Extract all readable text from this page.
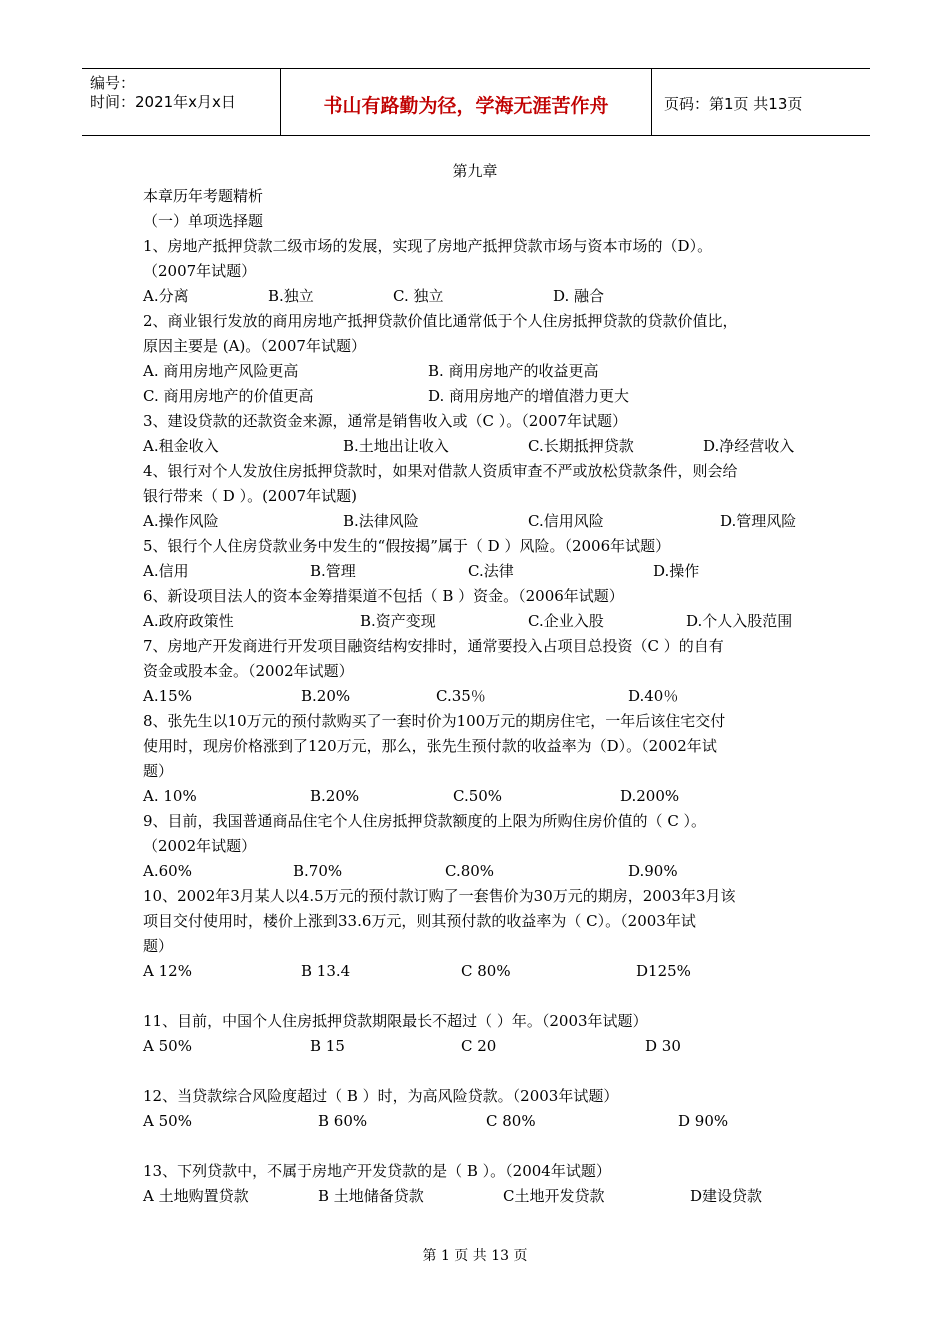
编号：
时间：2021年x月x日	书山有路勤为径，学海无涯苦作舟	页码：第1页 共13页
第九章
本章历年考题精析
（一）单项选择题
1、房地产抵押贷款二级市场的发展，实现了房地产抵押贷款市场与资本市场的（D）。
（2007年试题）
A.分离	B.独立	C. 独立	D. 融合
2、商业银行发放的商用房地产抵押贷款价值比通常低于个人住房抵押贷款的贷款价值比，
原因主要是 (A)。（2007年试题）
A. 商用房地产风险更高	B. 商用房地产的收益更高
C. 商用房地产的价值更高	D. 商用房地产的增值潜力更大
3、建设贷款的还款资金来源，通常是销售收入或（C ）。（2007年试题）
A.租金收入	B.土地出让收入	C.长期抵押贷款	D.净经营收入
4、银行对个人发放住房抵押贷款时，如果对借款人资质审查不严或放松贷款条件，则会给
银行带来（ D ）。(2007年试题)
A.操作风险	B.法律风险	C.信用风险	D.管理风险
5、银行个人住房贷款业务中发生的“假按揭”属于（ D ）风险。（2006年试题）
A.信用	B.管理	C.法律	D.操作
6、新设项目法人的资本金筹措渠道不包括（ B ）资金。（2006年试题）
A.政府政策性	B.资产变现	C.企业入股	D.个人入股范围
7、房地产开发商进行开发项目融资结构安排时，通常要投入占项目总投资（C ）的自有
资金或股本金。（2002年试题）
A.15%	B.20%	C.35％	D.40％
8、张先生以10万元的预付款购买了一套时价为100万元的期房住宅，一年后该住宅交付
使用时，现房价格涨到了120万元，那么，张先生预付款的收益率为（D）。（2002年试
题）
A. 10%	B.20%	C.50%	D.200%
9、目前，我国普通商品住宅个人住房抵押贷款额度的上限为所购住房价值的（ C ）。
（2002年试题）
A.60%	B.70%	C.80%	D.90%
10、2002年3月某人以4.5万元的预付款订购了一套售价为30万元的期房，2003年3月该
项目交付使用时，楼价上涨到33.6万元，则其预付款的收益率为（ C）。（2003年试
题）
A 12%	B 13.4	C 80%	D125%
11、目前，中国个人住房抵押贷款期限最长不超过（ ）年。（2003年试题）
A 50%	B 15	C 20	D 30
12、当贷款综合风险度超过（ B ）时，为高风险贷款。（2003年试题）
A 50%	B 60%	C 80%	D 90%
13、下列贷款中，不属于房地产开发贷款的是（ B ）。（2004年试题）
A 土地购置贷款	B 土地储备贷款	C土地开发贷款	D建设贷款
第 1 页 共 13 页
